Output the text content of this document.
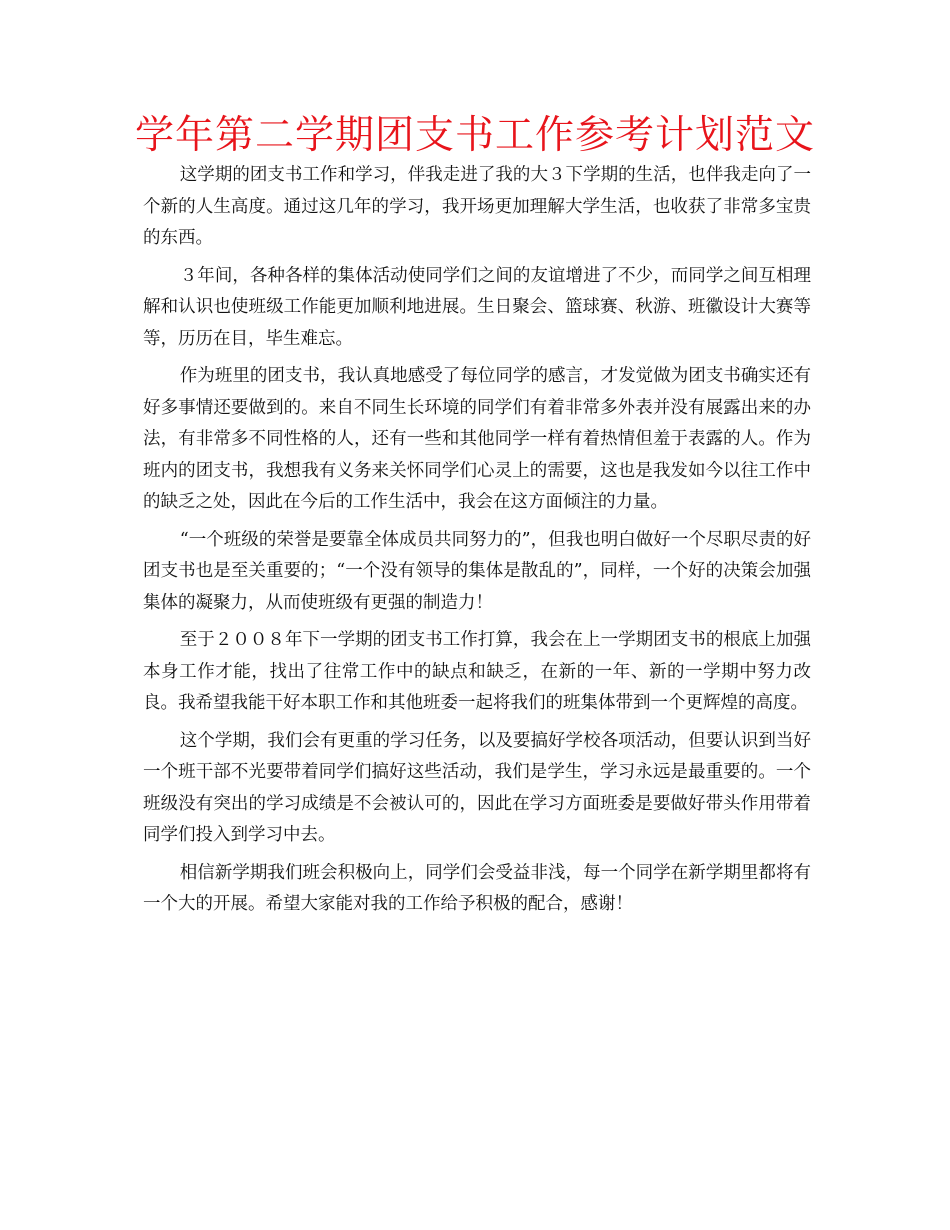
学年第二学期团支书工作参考计划范文

这学期的团支书工作和学习，伴我走进了我的大３下学期的生活，也伴我走向了一个新的人生高度。通过这几年的学习，我开场更加理解大学生活，也收获了非常多宝贵的东西。

３年间，各种各样的集体活动使同学们之间的友谊增进了不少，而同学之间互相理解和认识也使班级工作能更加顺利地进展。生日聚会、篮球赛、秋游、班徽设计大赛等等，历历在目，毕生难忘。

作为班里的团支书，我认真地感受了每位同学的感言，才发觉做为团支书确实还有好多事情还要做到的。来自不同生长环境的同学们有着非常多外表并没有展露出来的办法，有非常多不同性格的人，还有一些和其他同学一样有着热情但羞于表露的人。作为班内的团支书，我想我有义务来关怀同学们心灵上的需要，这也是我发如今以往工作中的缺乏之处，因此在今后的工作生活中，我会在这方面倾注的力量。

“一个班级的荣誉是要靠全体成员共同努力的”，但我也明白做好一个尽职尽责的好团支书也是至关重要的；“一个没有领导的集体是散乱的”，同样，一个好的决策会加强集体的凝聚力，从而使班级有更强的制造力！

至于２００８年下一学期的团支书工作打算，我会在上一学期团支书的根底上加强本身工作才能，找出了往常工作中的缺点和缺乏，在新的一年、新的一学期中努力改良。我希望我能干好本职工作和其他班委一起将我们的班集体带到一个更辉煌的高度。

这个学期，我们会有更重的学习任务，以及要搞好学校各项活动，但要认识到当好一个班干部不光要带着同学们搞好这些活动，我们是学生，学习永远是最重要的。一个班级没有突出的学习成绩是不会被认可的，因此在学习方面班委是要做好带头作用带着同学们投入到学习中去。

相信新学期我们班会积极向上，同学们会受益非浅，每一个同学在新学期里都将有一个大的开展。希望大家能对我的工作给予积极的配合，感谢！
